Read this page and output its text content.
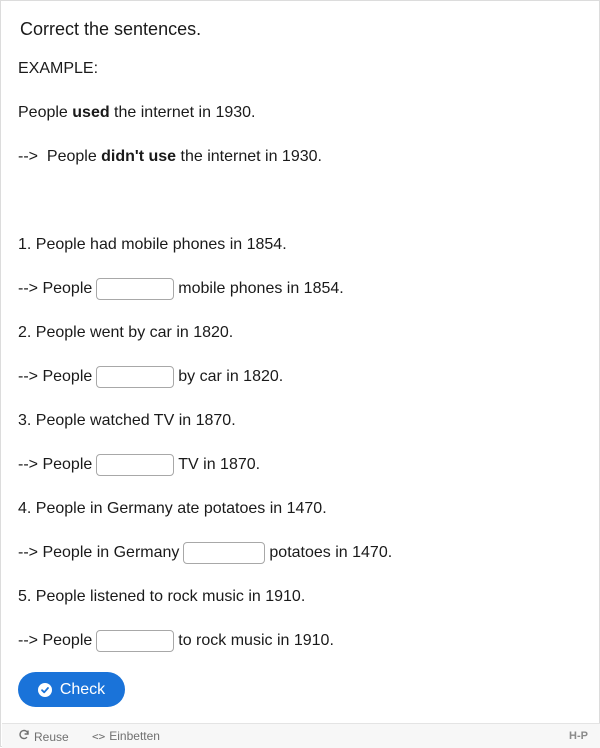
Correct the sentences.
EXAMPLE:
People used the internet in 1930.
-->  People didn't use the internet in 1930.
1. People had mobile phones in 1854.
--> People	mobile phones in 1854.
2. People went by car in 1820.
--> People	by car in 1820.
3. People watched TV in 1870.
--> People	TV in 1870.
4. People in Germany ate potatoes in 1470.
--> People in Germany	potatoes in 1470.
5. People listened to rock music in 1910.
--> People	to rock music in 1910.
Check
Reuse <> Einbetten	H-P
